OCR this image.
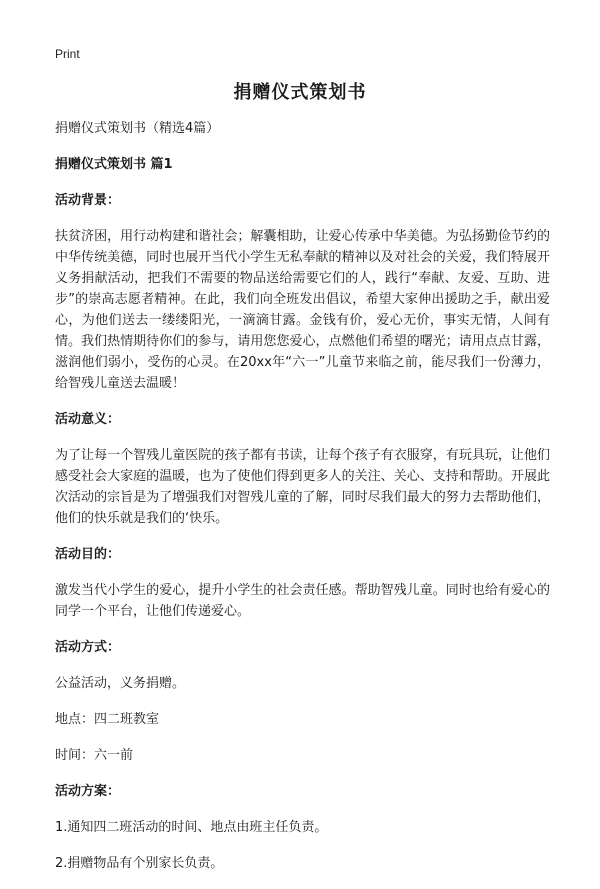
Print
捐赠仪式策划书

捐赠仪式策划书（精选4篇）

捐赠仪式策划书 篇1

活动背景：

扶贫济困，用行动构建和谐社会；解囊相助，让爱心传承中华美德。为弘扬勤俭节约的中华传统美德，同时也展开当代小学生无私奉献的精神以及对社会的关爱，我们特展开义务捐献活动，把我们不需要的物品送给需要它们的人，践行“奉献、友爱、互助、进步”的崇高志愿者精神。在此，我们向全班发出倡议，希望大家伸出援助之手，献出爱心，为他们送去一缕缕阳光，一滴滴甘露。金钱有价，爱心无价，事实无情，人间有情。我们热情期待你们的参与，请用您您爱心，点燃他们希望的曙光；请用点点甘露，滋润他们弱小，受伤的心灵。在20xx年“六一”儿童节来临之前，能尽我们一份薄力，给智残儿童送去温暖！

活动意义：

为了让每一个智残儿童医院的孩子都有书读，让每个孩子有衣服穿，有玩具玩，让他们感受社会大家庭的温暖，也为了使他们得到更多人的关注、关心、支持和帮助。开展此次活动的宗旨是为了增强我们对智残儿童的了解，同时尽我们最大的努力去帮助他们，他们的快乐就是我们的‘快乐。

活动目的：

激发当代小学生的爱心，提升小学生的社会责任感。帮助智残儿童。同时也给有爱心的同学一个平台，让他们传递爱心。

活动方式：

公益活动，义务捐赠。

地点：四二班教室

时间：六一前

活动方案：

1.通知四二班活动的时间、地点由班主任负责。

2.捐赠物品有个别家长负责。
